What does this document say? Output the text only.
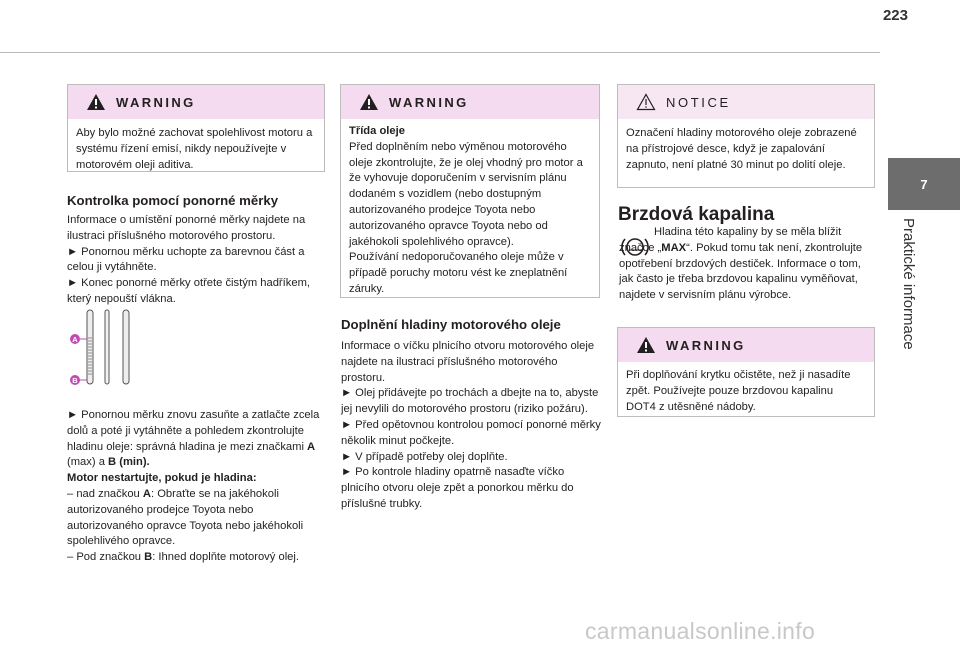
223
7
Praktické informace
WARNING

Aby bylo možné zachovat spolehlivost motoru a systému řízení emisí, nikdy nepoužívejte v motorovém oleji aditiva.

Kontrolka pomocí ponorné měrky

Informace o umístění ponorné měrky najdete na ilustraci příslušného motorového prostoru.

► Ponornou měrku uchopte za barevnou část a celou ji vytáhněte.

► Konec ponorné měrky otřete čistým hadříkem, který nepouští vlákna.

A
B

► Ponornou měrku znovu zasuňte a zatlačte zcela dolů a poté ji vytáhněte a pohledem zkontrolujte hladinu oleje: správná hladina je mezi značkami A (max) a B (min).

Motor nestartujte, pokud je hladina:

– nad značkou A: Obraťte se na jakéhokoli autorizovaného prodejce Toyota nebo autorizovaného opravce Toyota nebo jakéhokoli spolehlivého opravce.

– Pod značkou B: Ihned doplňte motorový olej.

WARNING

Třída oleje

Před doplněním nebo výměnou motorového oleje zkontrolujte, že je olej vhodný pro motor a že vyhovuje doporučením v servisním plánu dodaném s vozidlem (nebo dostupným autorizovaného prodejce Toyota nebo autorizovaného opravce Toyota nebo od jakéhokoli spolehlivého opravce).

Používání nedoporučovaného oleje může v případě poruchy motoru vést ke zneplatnění záruky.

Doplnění hladiny motorového oleje

Informace o víčku plnicího otvoru motorového oleje najdete na ilustraci příslušného motorového prostoru.

► Olej přidávejte po trochách a dbejte na to, abyste jej nevylili do motorového prostoru (riziko požáru).

► Před opětovnou kontrolou pomocí ponorné měrky několik minut počkejte.

► V případě potřeby olej doplňte.

► Po kontrole hladiny opatrně nasaďte víčko plnicího otvoru oleje zpět a ponorkou měrku do příslušné trubky.

NOTICE

Označení hladiny motorového oleje zobrazené na přístrojové desce, když je zapalování zapnuto, není platné 30 minut po dolití oleje.

Brzdová kapalina

Hladina této kapaliny by se měla blížit značce „MAX“. Pokud tomu tak není, zkontrolujte opotřebení brzdových destiček. Informace o tom, jak často je třeba brzdovou kapalinu vyměňovat, najdete v servisním plánu výrobce.

WARNING

Při doplňování krytku očistěte, než ji nasadíte zpět. Používejte pouze brzdovou kapalinu DOT4 z utěsněné nádoby.

carmanualsonline.info
